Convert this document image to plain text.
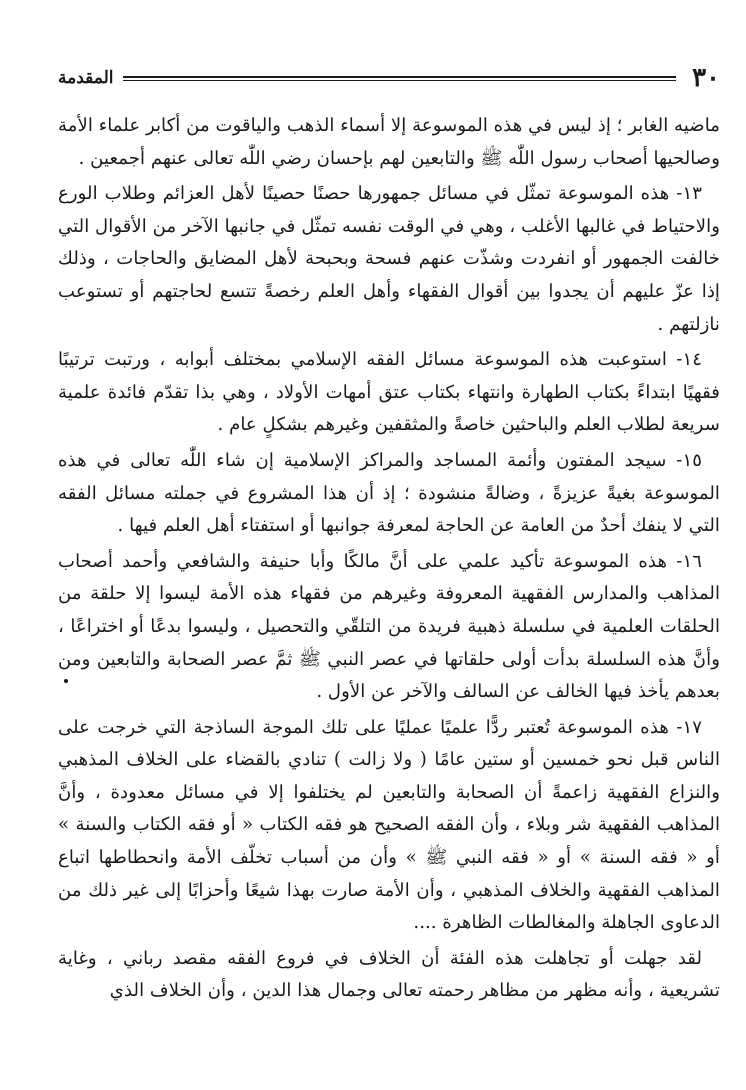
٣٠
المقدمة

ماضيه الغابر ؛ إذ ليس في هذه الموسوعة إلا أسماء الذهب والياقوت من أكابر علماء الأمة وصالحيها أصحاب رسول اللّٰه ﷺ والتابعين لهم بإحسان رضي اللّٰه تعالى عنهم أجمعين .

١٣- هذه الموسوعة تمثّل في مسائل جمهورها حصنًا حصينًا لأهل العزائم وطلاب الورع والاحتياط في غالبها الأغلب ، وهي في الوقت نفسه تمثّل في جانبها الآخر من الأقوال التي خالفت الجمهور أو انفردت وشذّت عنهم فسحة وبحبحة لأهل المضايق والحاجات ، وذلك إذا عزّ عليهم أن يجدوا بين أقوال الفقهاء وأهل العلم رخصةً تتسع لحاجتهم أو تستوعب نازلتهم .

١٤- استوعبت هذه الموسوعة مسائل الفقه الإسلامي بمختلف أبوابه ، ورتبت ترتيبًا فقهيًا ابتداءً بكتاب الطهارة وانتهاء بكتاب عتق أمهات الأولاد ، وهي بذا تقدّم فائدة علمية سريعة لطلاب العلم والباحثين خاصةً والمثقفين وغيرهم بشكلٍ عام .

١٥- سيجد المفتون وأئمة المساجد والمراكز الإسلامية إن شاء اللّٰه تعالى في هذه الموسوعة بغيةً عزيزةً ، وضالةً منشودة ؛ إذ أن هذا المشروع في جملته مسائل الفقه التي لا ينفك أحدٌ من العامة عن الحاجة لمعرفة جوانبها أو استفتاء أهل العلم فيها .

١٦- هذه الموسوعة تأكيد علمي على أنَّ مالكًا وأبا حنيفة والشافعي وأحمد أصحاب المذاهب والمدارس الفقهية المعروفة وغيرهم من فقهاء هذه الأمة ليسوا إلا حلقة من الحلقات العلمية في سلسلة ذهبية فريدة من التلقّي والتحصيل ، وليسوا بدعًا أو اختراعًا ، وأنَّ هذه السلسلة بدأت أولى حلقاتها في عصر النبي ﷺ ثمَّ عصر الصحابة والتابعين ومن بعدهم يأخذ فيها الخالف عن السالف والآخر عن الأول .

١٧- هذه الموسوعة تُعتبر ردًّا علميًا عمليًا على تلك الموجة الساذجة التي خرجت على الناس قبل نحو خمسين أو ستين عامًا ( ولا زالت ) تنادي بالقضاء على الخلاف المذهبي والنزاع الفقهية زاعمةً أن الصحابة والتابعين لم يختلفوا إلا في مسائل معدودة ، وأنَّ المذاهب الفقهية شر وبلاء ، وأن الفقه الصحيح هو فقه الكتاب « أو فقه الكتاب والسنة » أو « فقه السنة » أو « فقه النبي ﷺ » وأن من أسباب تخلّف الأمة وانحطاطها اتباع المذاهب الفقهية والخلاف المذهبي ، وأن الأمة صارت بهذا شيعًا وأحزابًا إلى غير ذلك من الدعاوى الجاهلة والمغالطات الظاهرة ....

لقد جهلت أو تجاهلت هذه الفئة أن الخلاف في فروع الفقه مقصد رباني ، وغاية تشريعية ، وأنه مظهر من مظاهر رحمته تعالى وجمال هذا الدين ، وأن الخلاف الذي
